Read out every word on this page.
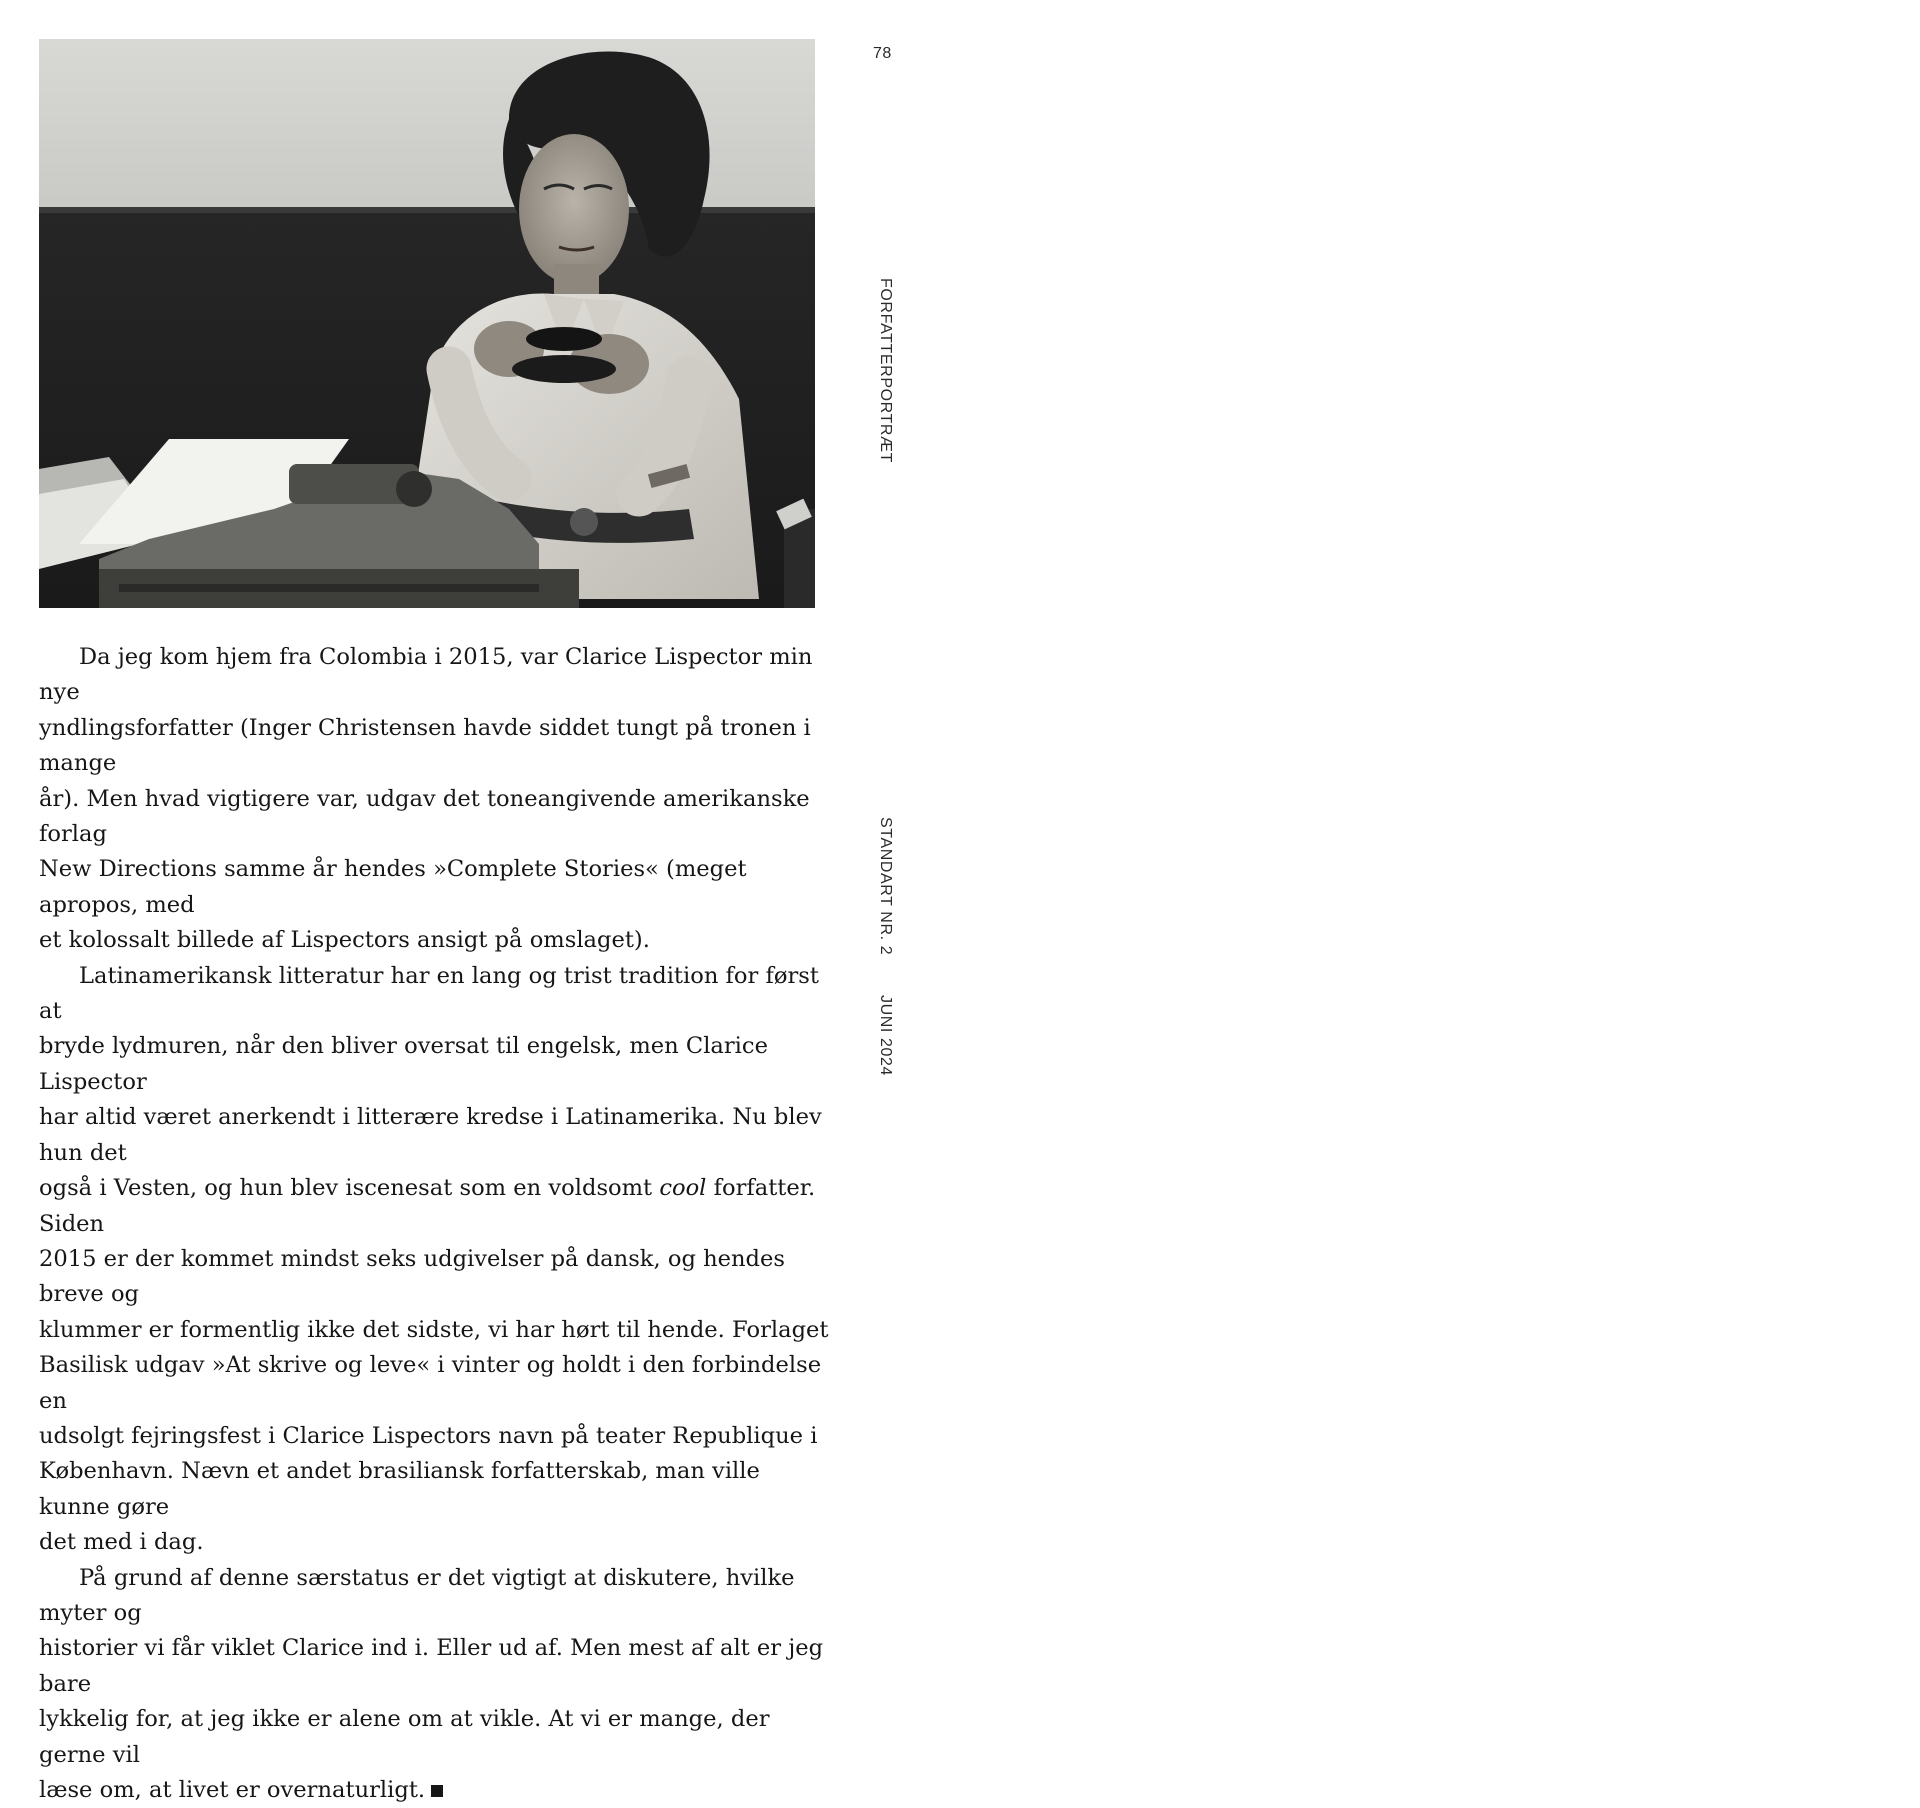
Da jeg kom hjem fra Colombia i 2015, var Clarice Lispector min nye
yndlingsforfatter (Inger Christensen havde siddet tungt på tronen i mange
år). Men hvad vigtigere var, udgav det toneangivende amerikanske forlag
New Directions samme år hendes »Complete Stories« (meget apropos, med
et kolossalt billede af Lispectors ansigt på omslaget).

Latinamerikansk litteratur har en lang og trist tradition for først at
bryde lydmuren, når den bliver oversat til engelsk, men Clarice Lispector
har altid været anerkendt i litterære kredse i Latinamerika. Nu blev hun det
også i Vesten, og hun blev iscenesat som en voldsomt cool forfatter. Siden
2015 er der kommet mindst seks udgivelser på dansk, og hendes breve og
klummer er formentlig ikke det sidste, vi har hørt til hende. Forlaget
Basilisk udgav »At skrive og leve« i vinter og holdt i den forbindelse en
udsolgt fejringsfest i Clarice Lispectors navn på teater Republique i
København. Nævn et andet brasiliansk forfatterskab, man ville kunne gøre
det med i dag.

På grund af denne særstatus er det vigtigt at diskutere, hvilke myter og
historier vi får viklet Clarice ind i. Eller ud af. Men mest af alt er jeg bare
lykkelig for, at jeg ikke er alene om at vikle. At vi er mange, der gerne vil
læse om, at livet er overnaturligt.

78
FORFATTERPORTRÆT
STANDART NR. 2
JUNI 2024
